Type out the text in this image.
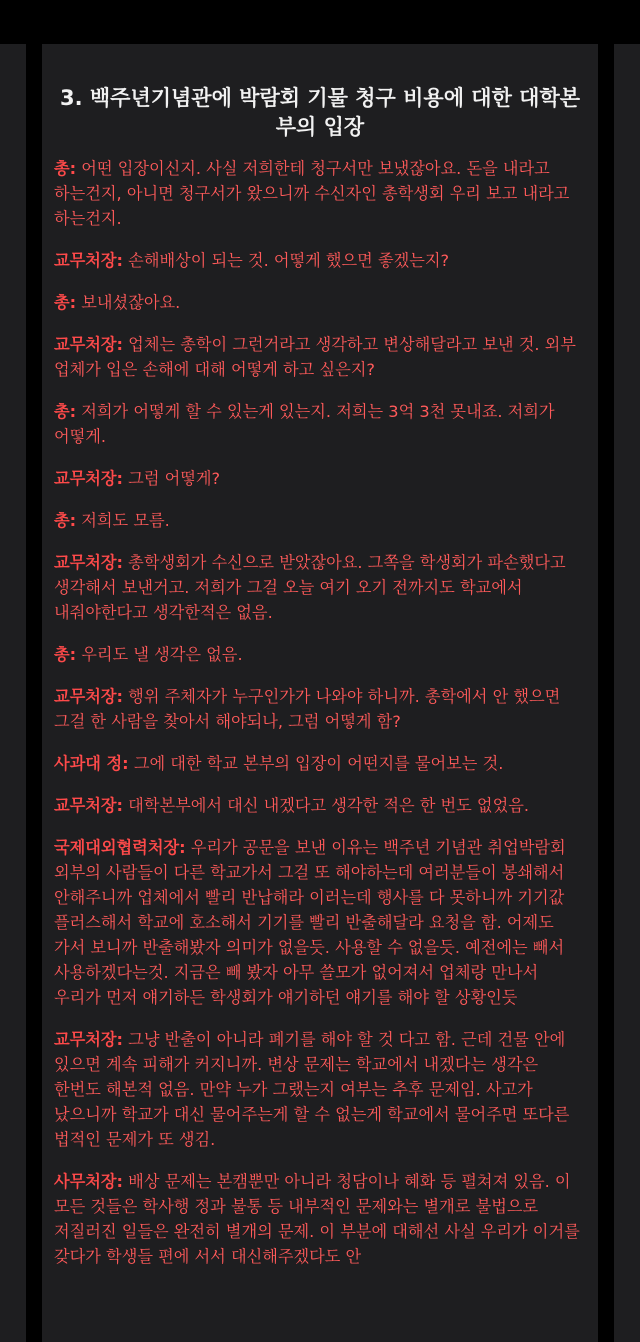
3. 백주년기념관에 박람회 기물 청구 비용에 대한 대학본부의 입장

총: 어떤 입장이신지. 사실 저희한테 청구서만 보냈잖아요. 돈을 내라고 하는건지, 아니면 청구서가 왔으니까 수신자인 총학생회 우리 보고 내라고 하는건지.

교무처장: 손해배상이 되는 것. 어떻게 했으면 좋겠는지?

총: 보내셨잖아요.

교무처장: 업체는 총학이 그런거라고 생각하고 변상해달라고 보낸 것. 외부 업체가 입은 손해에 대해 어떻게 하고 싶은지?

총: 저희가 어떻게 할 수 있는게 있는지. 저희는 3억 3천 못내죠. 저희가 어떻게.

교무처장: 그럼 어떻게?

총: 저희도 모름.

교무처장: 총학생회가 수신으로 받았잖아요. 그쪽을 학생회가 파손했다고 생각해서 보낸거고. 저희가 그걸 오늘 여기 오기 전까지도 학교에서 내줘야한다고 생각한적은 없음.

총: 우리도 낼 생각은 없음.

교무처장: 행위 주체자가 누구인가가 나와야 하니까. 총학에서 안 했으면 그걸 한 사람을 찾아서 해야되나, 그럼 어떻게 함?

사과대 정: 그에 대한 학교 본부의 입장이 어떤지를 물어보는 것.

교무처장: 대학본부에서 대신 내겠다고 생각한 적은 한 번도 없었음.

국제대외협력처장: 우리가 공문을 보낸 이유는 백주년 기념관 취업박람회 외부의 사람들이 다른 학교가서 그걸 또 해야하는데 여러분들이 봉쇄해서 안해주니까 업체에서 빨리 반납해라 이러는데 행사를 다 못하니까 기기값 플러스해서 학교에 호소해서 기기를 빨리 반출해달라 요청을 함. 어제도 가서 보니까 반출해봤자 의미가 없을듯. 사용할 수 없을듯. 예전에는 빼서 사용하겠다는것. 지금은 빼 봤자 아무 쓸모가 없어져서 업체랑 만나서 우리가 먼저 얘기하든 학생회가 얘기하던 얘기를 해야 할 상황인듯

교무처장: 그냥 반출이 아니라 폐기를 해야 할 것 다고 함. 근데 건물 안에 있으면 계속 피해가 커지니까. 변상 문제는 학교에서 내겠다는 생각은 한번도 해본적 없음. 만약 누가 그랬는지 여부는 추후 문제임. 사고가 났으니까 학교가 대신 물어주는게 할 수 없는게 학교에서 물어주면 또다른 법적인 문제가 또 생김.

사무처장: 배상 문제는 본캠뿐만 아니라 청담이나 혜화 등 펼쳐져 있음. 이 모든 것들은 학사행 정과 불통 등 내부적인 문제와는 별개로 불법으로 저질러진 일들은 완전히 별개의 문제. 이 부분에 대해선 사실 우리가 이거를 갖다가 학생들 편에 서서 대신해주겠다도 안
